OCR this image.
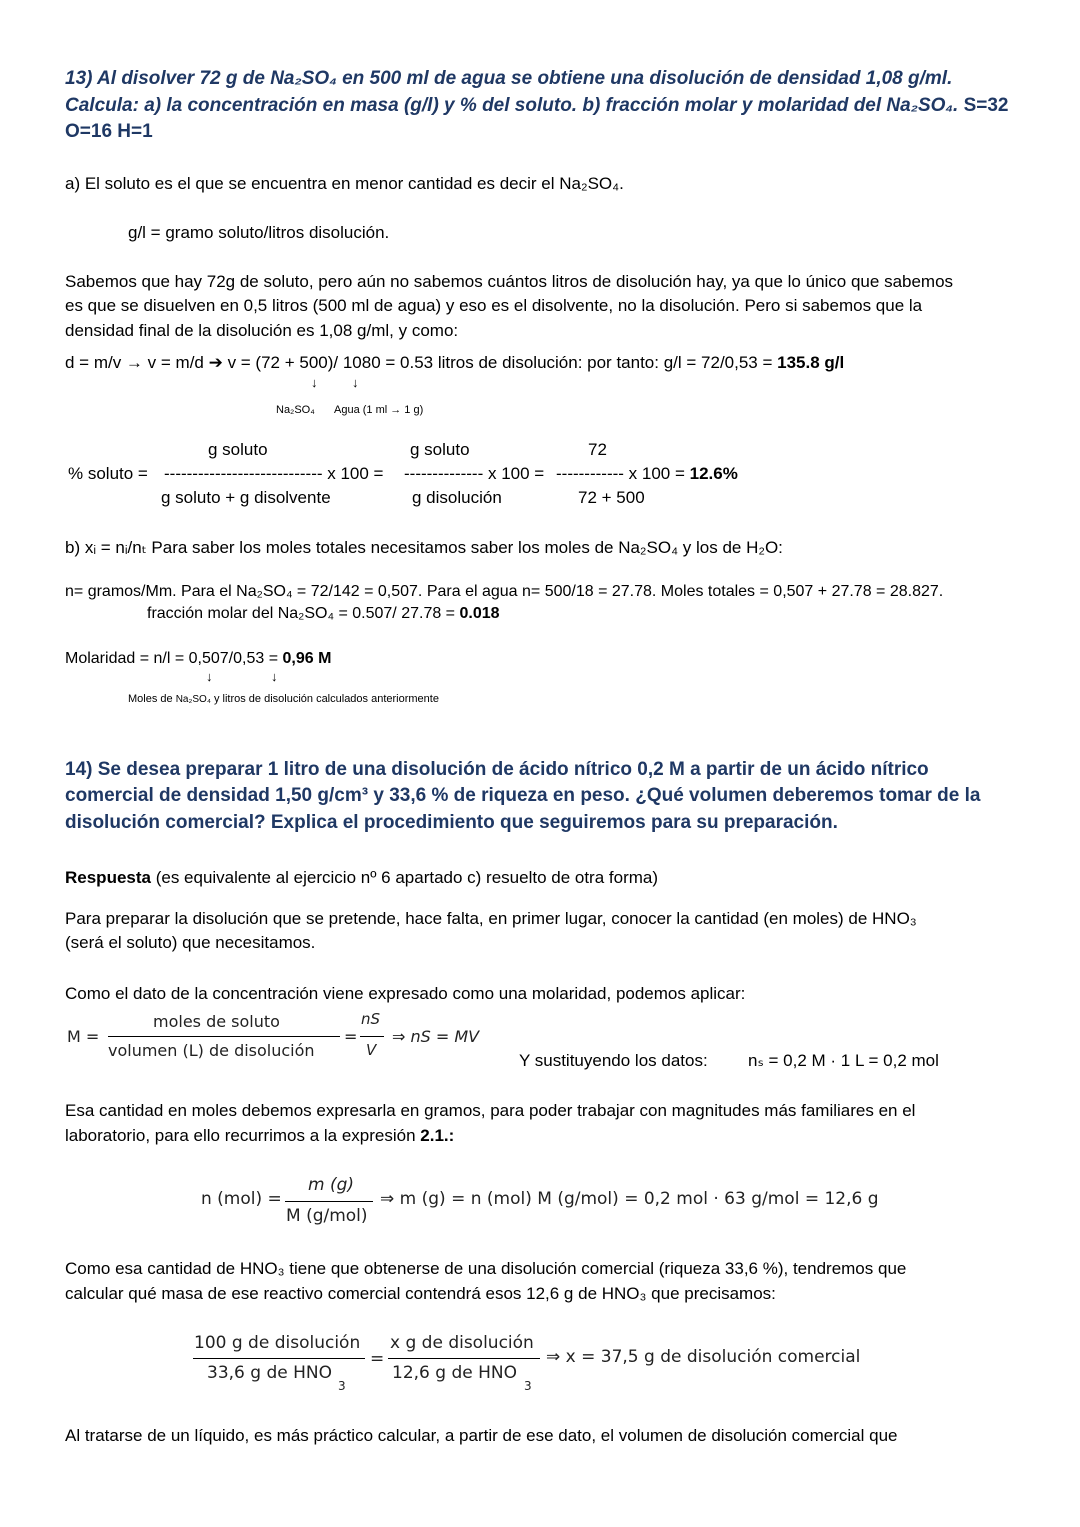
13) Al disolver 72 g de Na₂SO₄ en 500 ml de agua se obtiene una disolución de densidad 1,08 g/ml.
Calcula: a) la concentración en masa (g/l) y % del soluto. b) fracción molar y molaridad del Na₂SO₄. S=32
O=16 H=1
a) El soluto es el que se encuentra en menor cantidad es decir el Na₂SO₄.
g/l = gramo soluto/litros disolución.
Sabemos que hay 72g de soluto, pero aún no sabemos cuántos litros de disolución hay, ya que lo único que sabemos
es que se disuelven en 0,5 litros (500 ml de agua) y eso es el disolvente, no la disolución. Pero si sabemos que la
densidad final de la disolución es 1,08 g/ml, y como:
d = m/v → v = m/d ➔ v = (72 + 500)/ 1080 = 0.53 litros de disolución: por tanto: g/l = 72/0,53 = 135.8 g/l
↓	↓
Na₂SO₄ Agua (1 ml → 1 g)
% soluto =
g soluto
---------------------------- x 100 =
g soluto + g disolvente
g soluto
-------------- x 100 =
g disolución
72
------------ x 100 = 12.6%
72 + 500
b) xᵢ = nᵢ/nₜ Para saber los moles totales necesitamos saber los moles de Na₂SO₄ y los de H₂O:
n= gramos/Mm. Para el Na₂SO₄ = 72/142 = 0,507. Para el agua n= 500/18 = 27.78. Moles totales = 0,507 + 27.78 = 28.827.
fracción molar del Na₂SO₄ = 0.507/ 27.78 = 0.018
Molaridad = n/l = 0,507/0,53 = 0,96 M
↓	↓
Moles de Na₂SO₄ y litros de disolución calculados anteriormente
14) Se desea preparar 1 litro de una disolución de ácido nítrico 0,2 M a partir de un ácido nítrico
comercial de densidad 1,50 g/cm³ y 33,6 % de riqueza en peso. ¿Qué volumen deberemos tomar de la
disolución comercial? Explica el procedimiento que seguiremos para su preparación.
Respuesta (es equivalente al ejercicio nº 6 apartado c) resuelto de otra forma)
Para preparar la disolución que se pretende, hace falta, en primer lugar, conocer la cantidad (en moles) de HNO₃
(será el soluto) que necesitamos.
Como el dato de la concentración viene expresado como una molaridad, podemos aplicar:
M =
moles de soluto
volumen (L) de disolución
=
nS
V
⇒ nS = MV
Y sustituyendo los datos: nₛ = 0,2 M · 1 L = 0,2 mol
Esa cantidad en moles debemos expresarla en gramos, para poder trabajar con magnitudes más familiares en el
laboratorio, para ello recurrimos a la expresión 2.1.:
n (mol) =
m (g)
M (g/mol)
⇒ m (g) = n (mol) M (g/mol) = 0,2 mol · 63 g/mol = 12,6 g
Como esa cantidad de HNO₃ tiene que obtenerse de una disolución comercial (riqueza 33,6 %), tendremos que
calcular qué masa de ese reactivo comercial contendrá esos 12,6 g de HNO₃ que precisamos:
100 g de disolución
33,6 g de HNO
3
=
x g de disolución
12,6 g de HNO
3
⇒ x = 37,5 g de disolución comercial
Al tratarse de un líquido, es más práctico calcular, a partir de ese dato, el volumen de disolución comercial que
